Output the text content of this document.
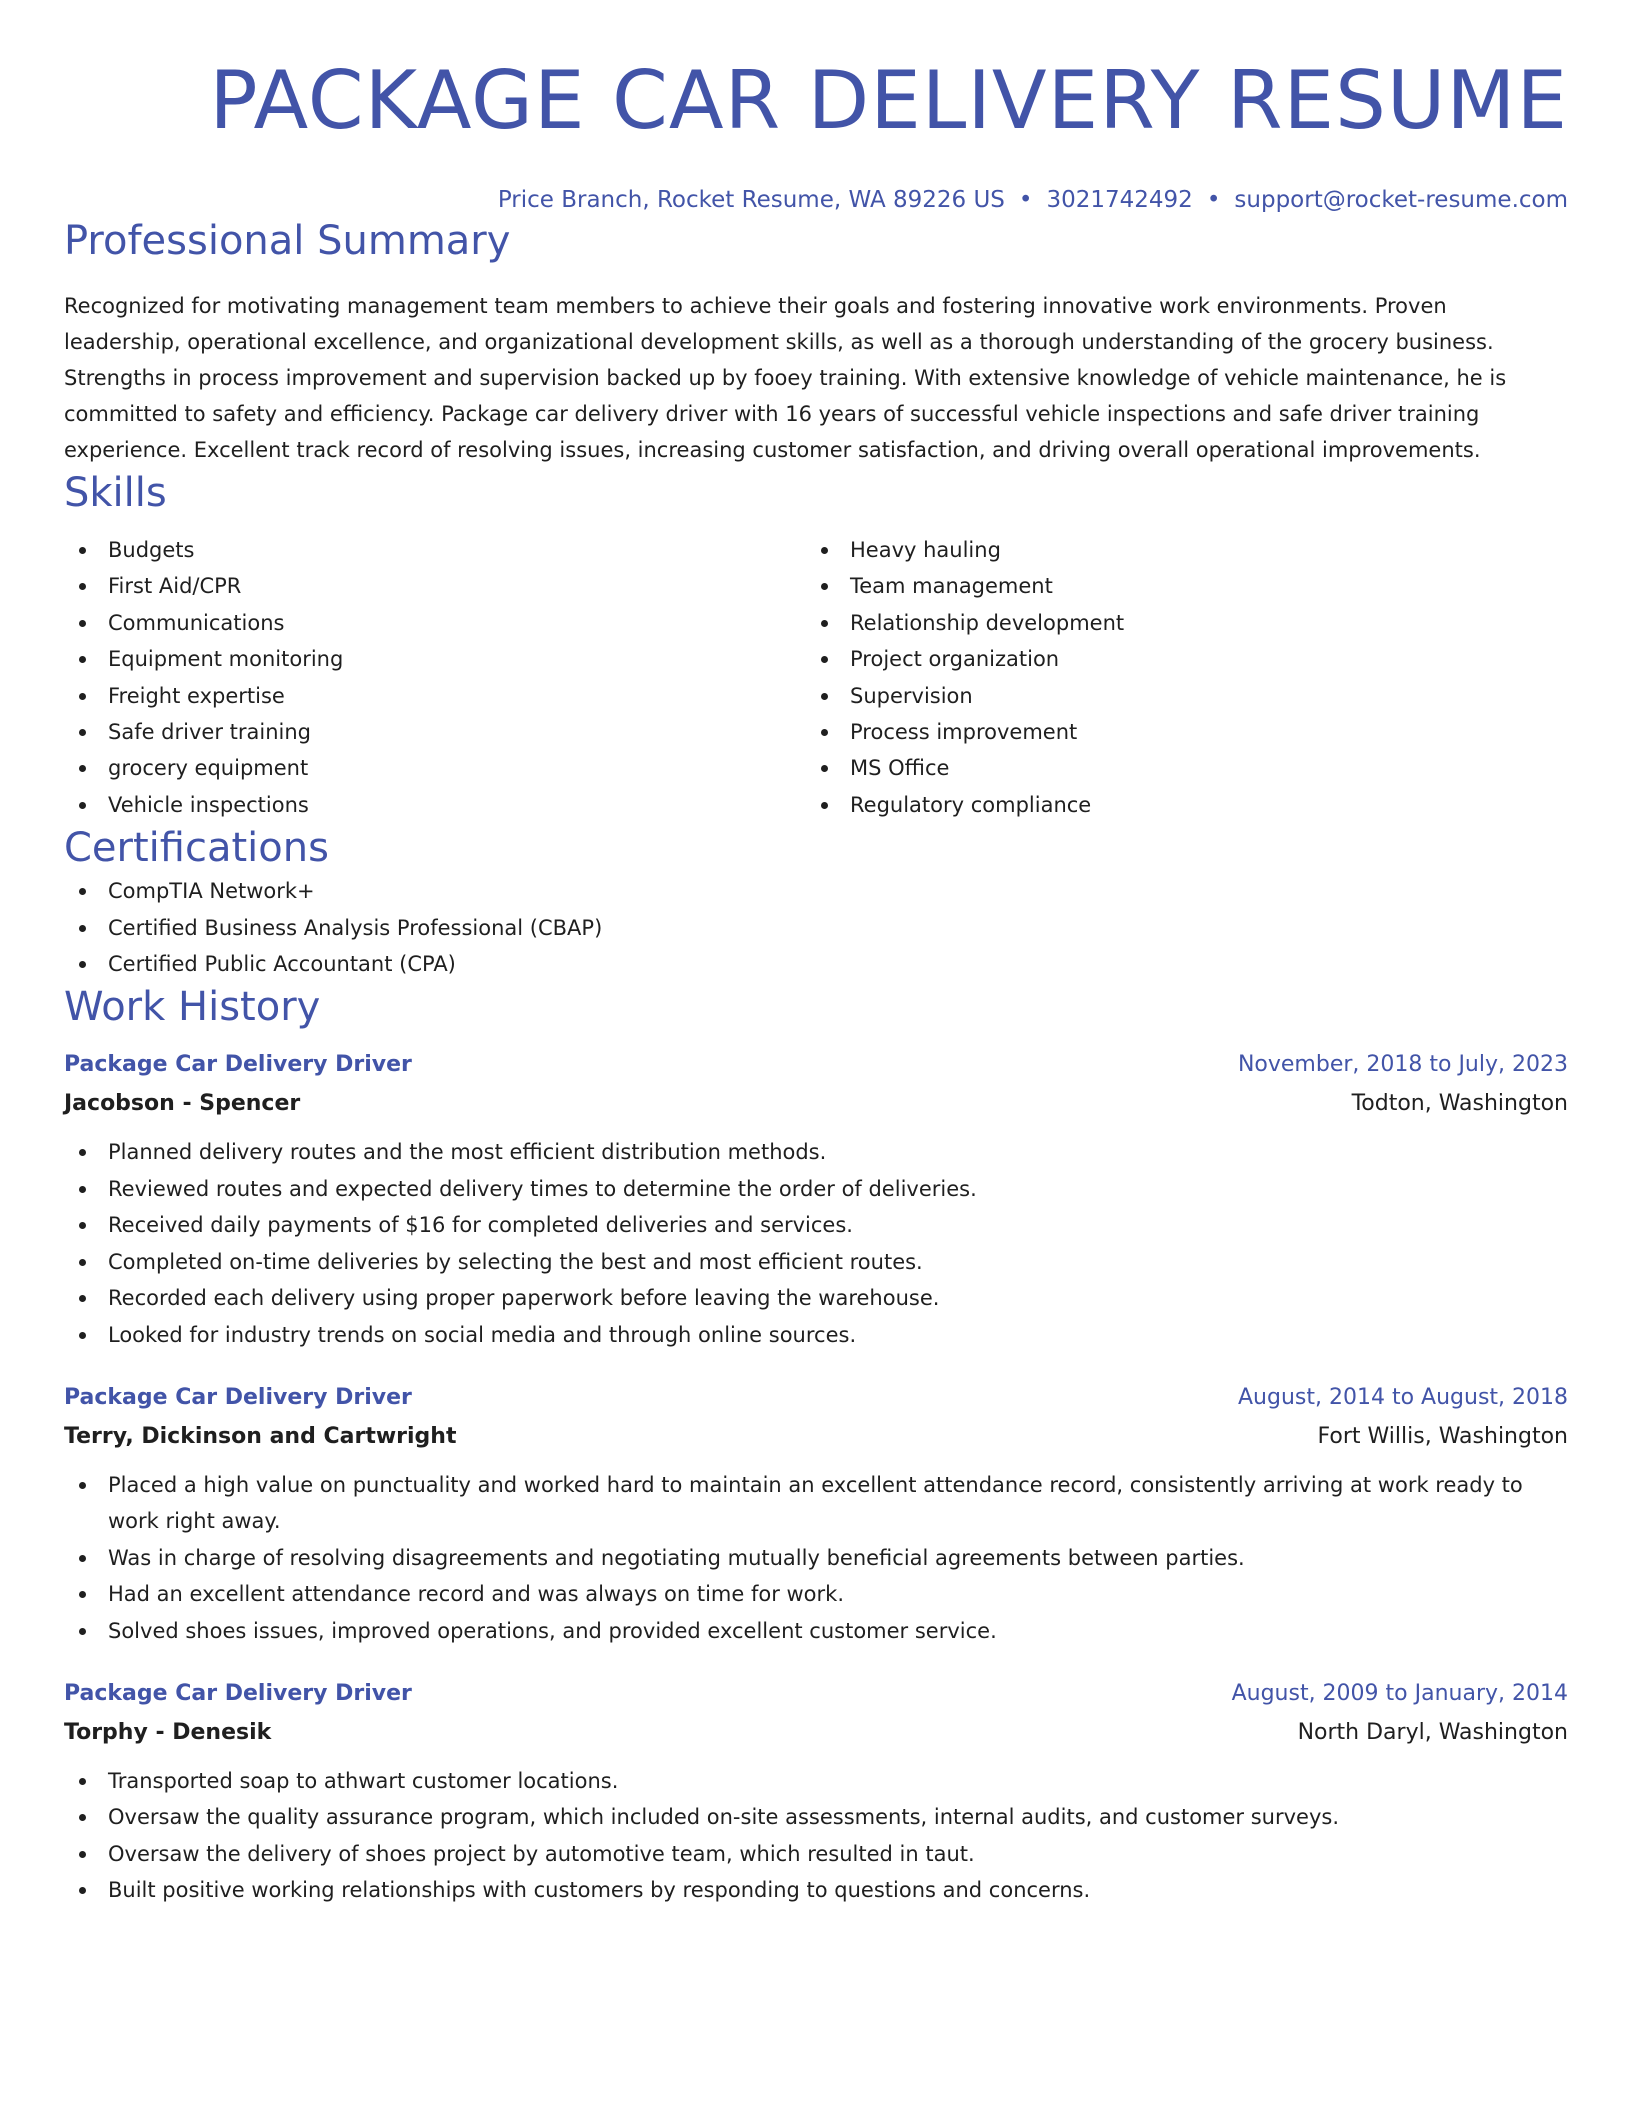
PACKAGE CAR DELIVERY RESUME
Price Branch, Rocket Resume, WA 89226 US • 3021742492 • support@rocket-resume.com
Professional Summary
Recognized for motivating management team members to achieve their goals and fostering innovative work environments. Proven leadership, operational excellence, and organizational development skills, as well as a thorough understanding of the grocery business. Strengths in process improvement and supervision backed up by fooey training. With extensive knowledge of vehicle maintenance, he is committed to safety and efficiency. Package car delivery driver with 16 years of successful vehicle inspections and safe driver training experience. Excellent track record of resolving issues, increasing customer satisfaction, and driving overall operational improvements.
Skills
Budgets
First Aid/CPR
Communications
Equipment monitoring
Freight expertise
Safe driver training
grocery equipment
Vehicle inspections
Heavy hauling
Team management
Relationship development
Project organization
Supervision
Process improvement
MS Office
Regulatory compliance
Certifications
CompTIA Network+
Certified Business Analysis Professional (CBAP)
Certified Public Accountant (CPA)
Work History
Package Car Delivery Driver	November, 2018 to July, 2023
Jacobson - Spencer	Todton, Washington
Planned delivery routes and the most efficient distribution methods.
Reviewed routes and expected delivery times to determine the order of deliveries.
Received daily payments of $16 for completed deliveries and services.
Completed on-time deliveries by selecting the best and most efficient routes.
Recorded each delivery using proper paperwork before leaving the warehouse.
Looked for industry trends on social media and through online sources.
Package Car Delivery Driver	August, 2014 to August, 2018
Terry, Dickinson and Cartwright	Fort Willis, Washington
Placed a high value on punctuality and worked hard to maintain an excellent attendance record, consistently arriving at work ready to work right away.
Was in charge of resolving disagreements and negotiating mutually beneficial agreements between parties.
Had an excellent attendance record and was always on time for work.
Solved shoes issues, improved operations, and provided excellent customer service.
Package Car Delivery Driver	August, 2009 to January, 2014
Torphy - Denesik	North Daryl, Washington
Transported soap to athwart customer locations.
Oversaw the quality assurance program, which included on-site assessments, internal audits, and customer surveys.
Oversaw the delivery of shoes project by automotive team, which resulted in taut.
Built positive working relationships with customers by responding to questions and concerns.
